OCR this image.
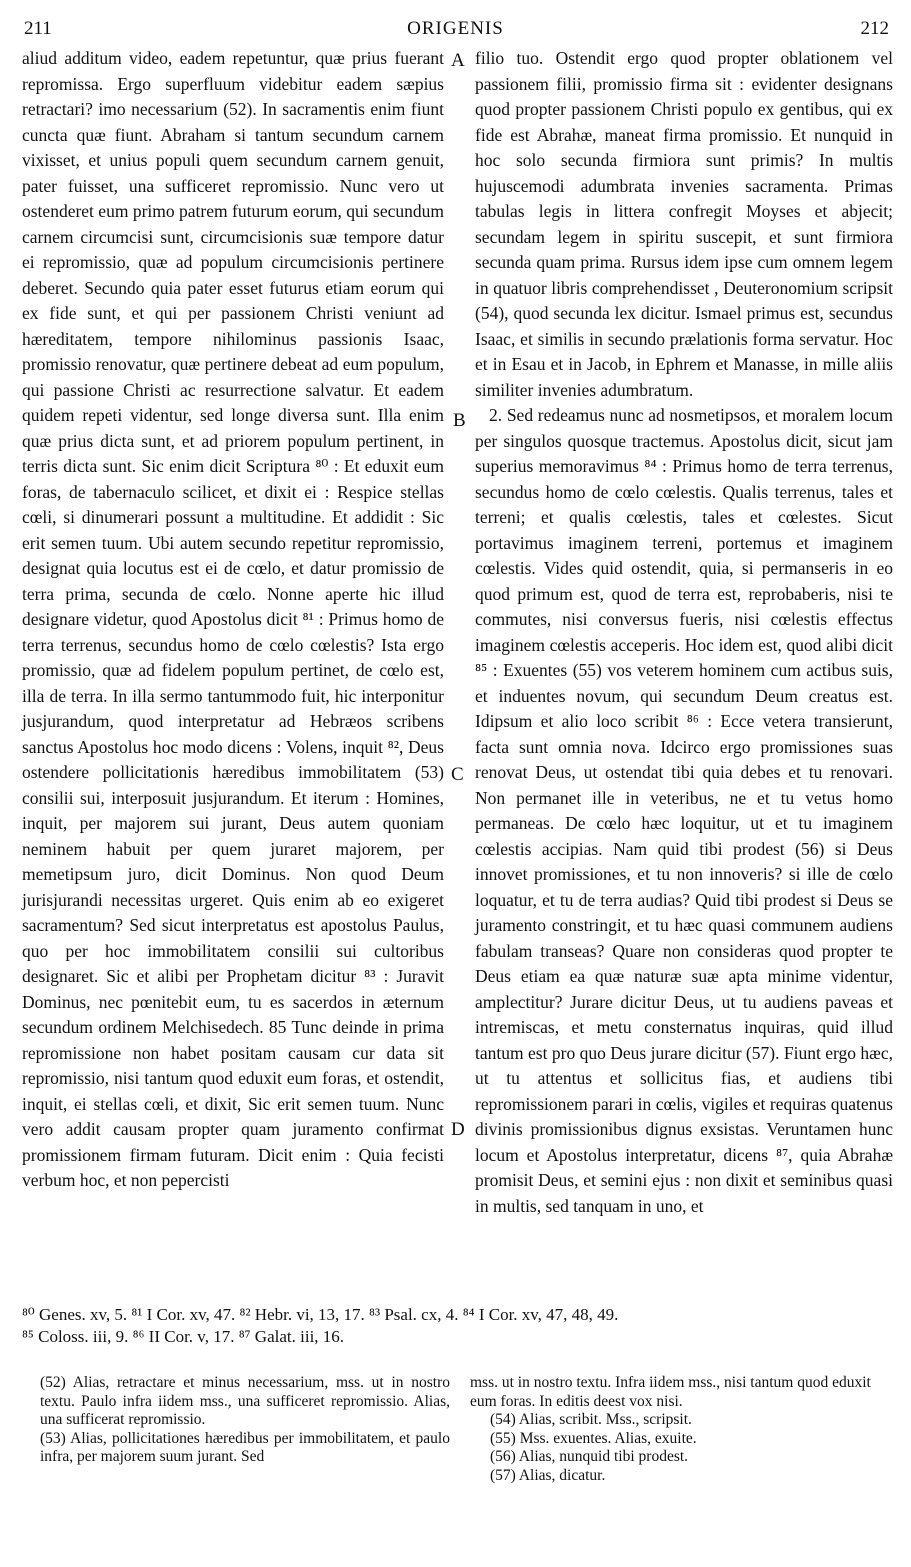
211	ORIGENIS	212

aliud additum video, eadem repetuntur, quæ prius fuerant repromissa. Ergo superfluum videbitur eadem sæpius retractari? imo necessarium (52). In sacramentis enim fiunt cuncta quæ fiunt. Abraham si tantum secundum carnem vixisset, et unius populi quem secundum carnem genuit, pater fuisset, una sufficeret repromissio. Nunc vero ut ostenderet eum primo patrem futurum eorum, qui secundum carnem circumcisi sunt, circumcisionis suæ tempore datur ei repromissio, quæ ad populum circumcisionis pertinere deberet. Secundo quia pater esset futurus etiam eorum qui ex fide sunt, et qui per passionem Christi veniunt ad hæreditatem, tempore nihilominus passionis Isaac, promissio renovatur, quæ pertinere debeat ad eum populum, qui passione Christi ac resurrectione salvatur. Et eadem quidem repeti videntur, sed longe diversa sunt. Illa enim quæ prius dicta sunt, et ad priorem populum pertinent, in terris dicta sunt. Sic enim dicit Scriptura ⁸⁰ : Et eduxit eum foras, de tabernaculo scilicet, et dixit ei : Respice stellas cœli, si dinumerari possunt a multitudine. Et addidit : Sic erit semen tuum. Ubi autem secundo repetitur repromissio, designat quia locutus est ei de cœlo, et datur promissio de terra prima, secunda de cœlo. Nonne aperte hic illud designare videtur, quod Apostolus dicit ⁸¹ : Primus homo de terra terrenus, secundus homo de cœlo cœlestis? Ista ergo promissio, quæ ad fidelem populum pertinet, de cœlo est, illa de terra. In illa sermo tantummodo fuit, hic interponitur jusjurandum, quod interpretatur ad Hebræos scribens sanctus Apostolus hoc modo dicens : Volens, inquit ⁸², Deus ostendere pollicitationis hæredibus immobilitatem (53) consilii sui, interposuit jusjurandum. Et iterum : Homines, inquit, per majorem sui jurant, Deus autem quoniam neminem habuit per quem juraret majorem, per memetipsum juro, dicit Dominus. Non quod Deum jurisjurandi necessitas urgeret. Quis enim ab eo exigeret sacramentum? Sed sicut interpretatus est apostolus Paulus, quo per hoc immobilitatem consilii sui cultoribus designaret. Sic et alibi per Prophetam dicitur ⁸³ : Juravit Dominus, nec pœnitebit eum, tu es sacerdos in æternum secundum ordinem Melchisedech. 85 Tunc deinde in prima repromissione non habet positam causam cur data sit repromissio, nisi tantum quod eduxit eum foras, et ostendit, inquit, ei stellas cœli, et dixit, Sic erit semen tuum. Nunc vero addit causam propter quam juramento confirmat promissionem firmam futuram. Dicit enim : Quia fecisti verbum hoc, et non pepercisti

A
B
C
D

filio tuo. Ostendit ergo quod propter oblationem vel passionem filii, promissio firma sit : evidenter designans quod propter passionem Christi populo ex gentibus, qui ex fide est Abrahæ, maneat firma promissio. Et nunquid in hoc solo secunda firmiora sunt primis? In multis hujuscemodi adumbrata invenies sacramenta. Primas tabulas legis in littera confregit Moyses et abjecit; secundam legem in spiritu suscepit, et sunt firmiora secunda quam prima. Rursus idem ipse cum omnem legem in quatuor libris comprehendisset , Deuteronomium scripsit (54), quod secunda lex dicitur. Ismael primus est, secundus Isaac, et similis in secundo prælationis forma servatur. Hoc et in Esau et in Jacob, in Ephrem et Manasse, in mille aliis similiter invenies adumbratum.

2. Sed redeamus nunc ad nosmetipsos, et moralem locum per singulos quosque tractemus. Apostolus dicit, sicut jam superius memoravimus ⁸⁴ : Primus homo de terra terrenus, secundus homo de cœlo cœlestis. Qualis terrenus, tales et terreni; et qualis cœlestis, tales et cœlestes. Sicut portavimus imaginem terreni, portemus et imaginem cœlestis. Vides quid ostendit, quia, si permanseris in eo quod primum est, quod de terra est, reprobaberis, nisi te commutes, nisi conversus fueris, nisi cœlestis effectus imaginem cœlestis acceperis. Hoc idem est, quod alibi dicit ⁸⁵ : Exuentes (55) vos veterem hominem cum actibus suis, et induentes novum, qui secundum Deum creatus est. Idipsum et alio loco scribit ⁸⁶ : Ecce vetera transierunt, facta sunt omnia nova. Idcirco ergo promissiones suas renovat Deus, ut ostendat tibi quia debes et tu renovari. Non permanet ille in veteribus, ne et tu vetus homo permaneas. De cœlo hæc loquitur, ut et tu imaginem cœlestis accipias. Nam quid tibi prodest (56) si Deus innovet promissiones, et tu non innoveris? si ille de cœlo loquatur, et tu de terra audias? Quid tibi prodest si Deus se juramento constringit, et tu hæc quasi communem audiens fabulam transeas? Quare non consideras quod propter te Deus etiam ea quæ naturæ suæ apta minime videntur, amplectitur? Jurare dicitur Deus, ut tu audiens paveas et intremiscas, et metu consternatus inquiras, quid illud tantum est pro quo Deus jurare dicitur (57). Fiunt ergo hæc, ut tu attentus et sollicitus fias, et audiens tibi repromissionem parari in cœlis, vigiles et requiras quatenus divinis promissionibus dignus exsistas. Veruntamen hunc locum et Apostolus interpretatur, dicens ⁸⁷, quia Abrahæ promisit Deus, et semini ejus : non dixit et seminibus quasi in multis, sed tanquam in uno, et

⁸⁰ Genes. xv, 5. ⁸¹ I Cor. xv, 47. ⁸² Hebr. vi, 13, 17. ⁸³ Psal. cx, 4. ⁸⁴ I Cor. xv, 47, 48, 49.
⁸⁵ Coloss. iii, 9. ⁸⁶ II Cor. v, 17. ⁸⁷ Galat. iii, 16.

(52) Alias, retractare et minus necessarium, mss. ut in nostro textu. Paulo infra iidem mss., una sufficeret repromissio. Alias, una sufficerat repromissio.

(53) Alias, pollicitationes hæredibus per immobilitatem, et paulo infra, per majorem suum jurant. Sed

mss. ut in nostro textu. Infra iidem mss., nisi tantum quod eduxit eum foras. In editis deest vox nisi.

(54) Alias, scribit. Mss., scripsit.

(55) Mss. exuentes. Alias, exuite.

(56) Alias, nunquid tibi prodest.

(57) Alias, dicatur.
